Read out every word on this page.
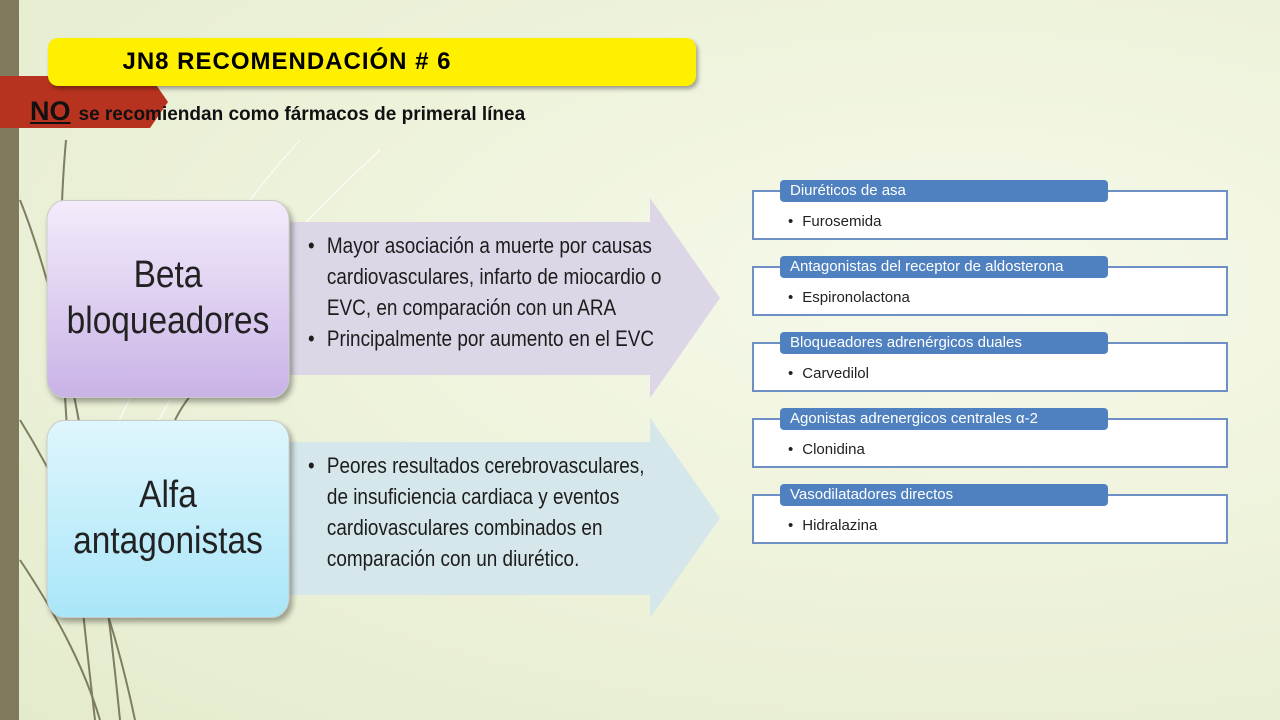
JN8 RECOMENDACIÓN # 6
NO se recomiendan como fármacos de primeral línea
Beta bloqueadores
Alfa antagonistas
• Mayor asociación a muerte por causas cardiovasculares, infarto de miocardio o EVC, en comparación con un ARA
• Principalmente por aumento en el EVC
• Peores resultados cerebrovasculares, de insuficiencia cardiaca y eventos cardiovasculares combinados en comparación con un diurético.
Diuréticos de asa
• Furosemida
Antagonistas del receptor de aldosterona
• Espironolactona
Bloqueadores adrenérgicos duales
• Carvedilol
Agonistas adrenergicos centrales α-2
• Clonidina
Vasodilatadores directos
• Hidralazina
